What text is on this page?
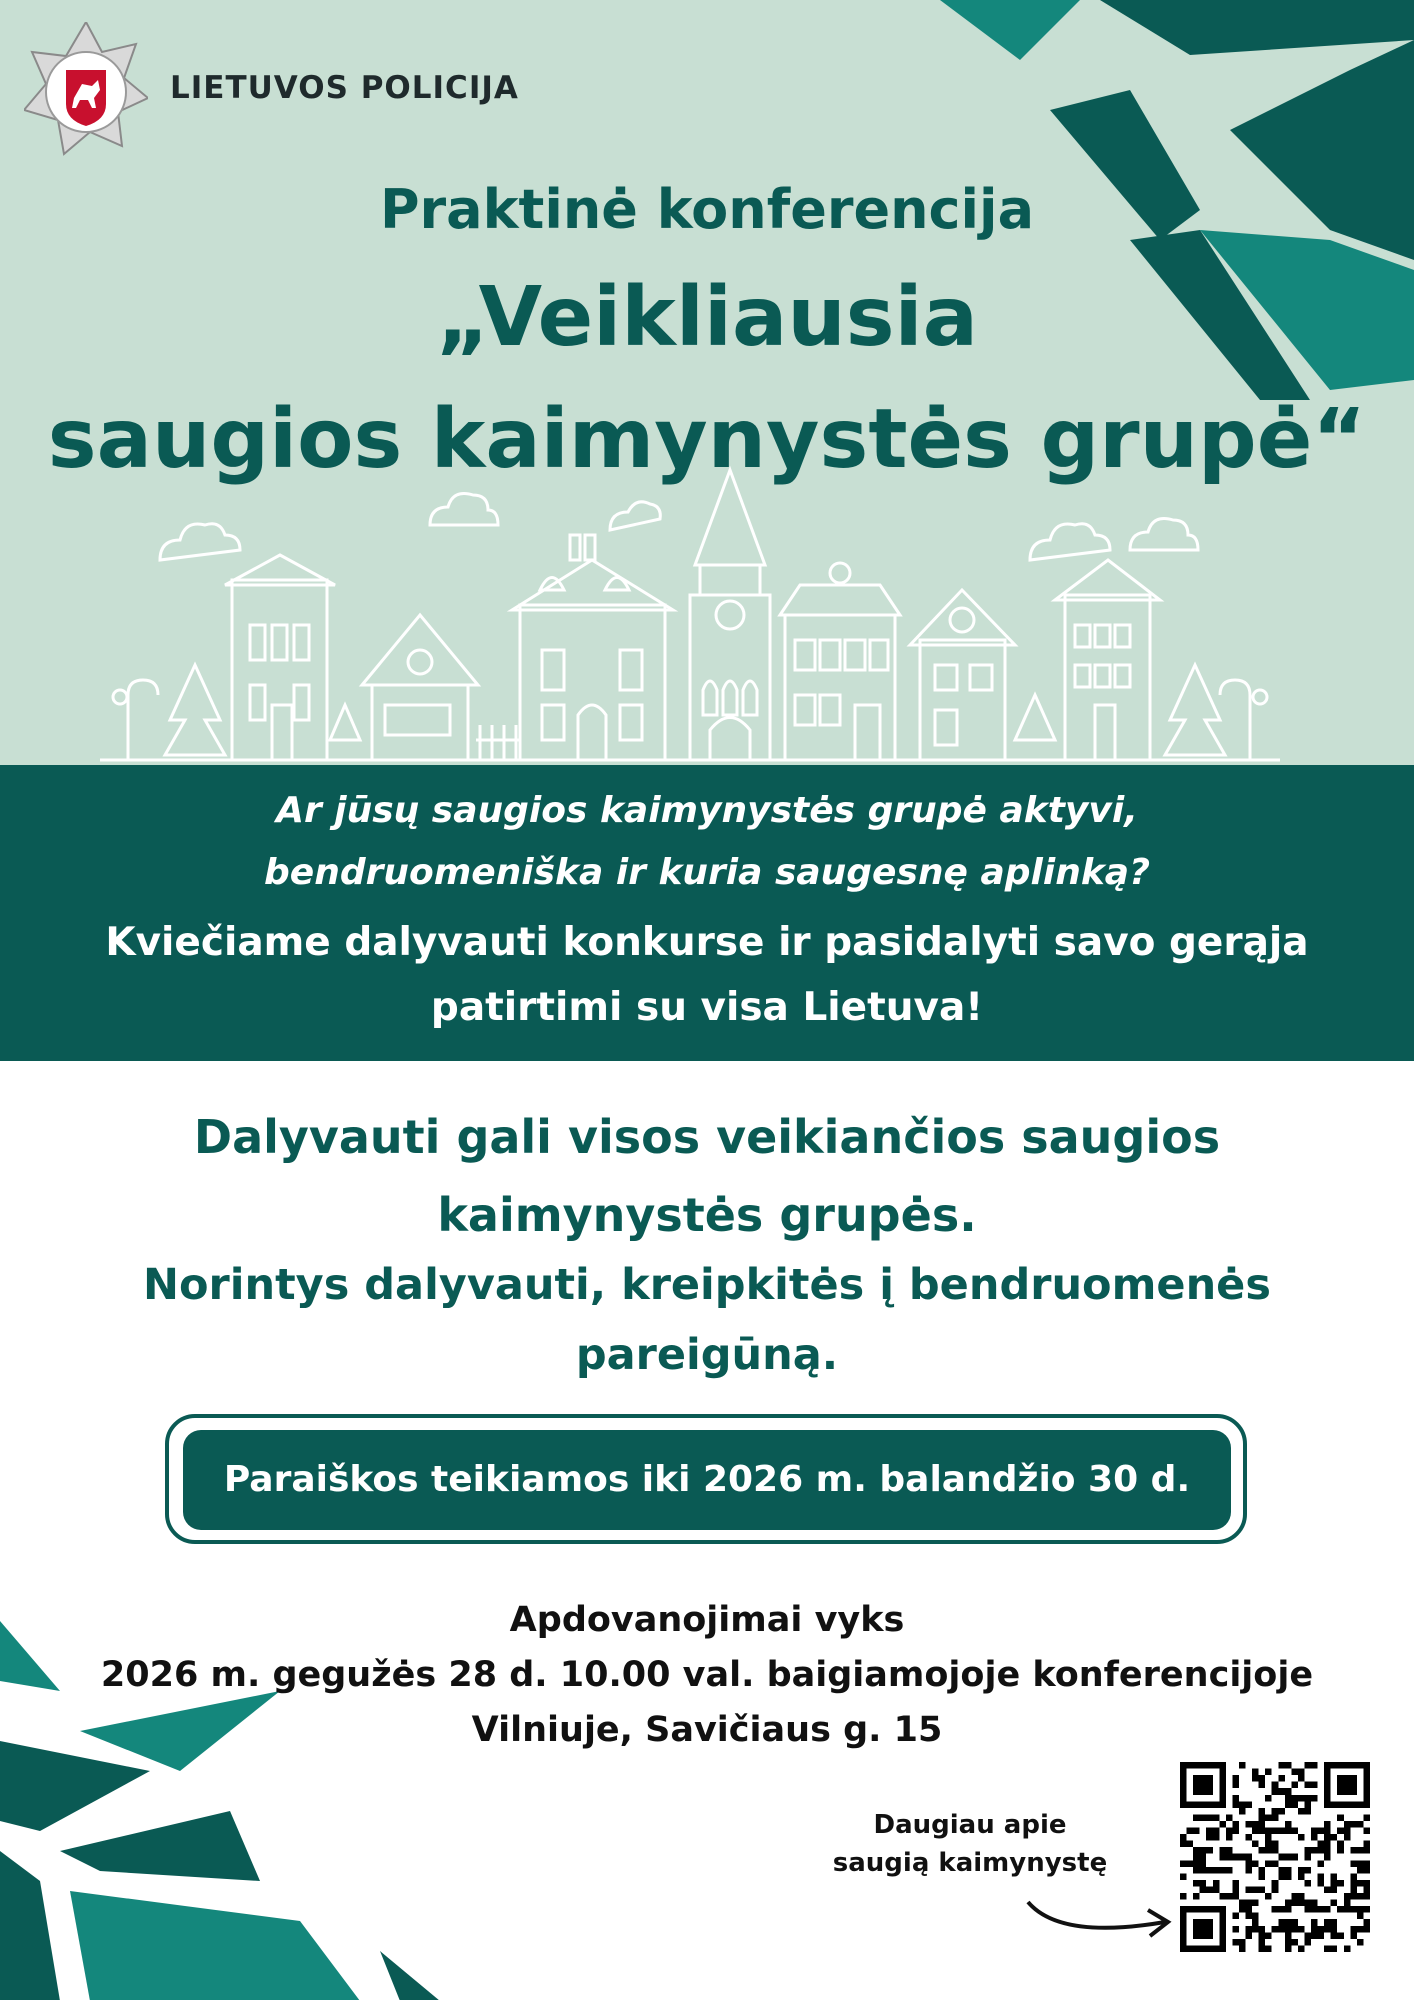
LIETUVOS POLICIJA
Praktinė konferencija
„Veikliausia
saugios kaimynystės grupė“
Ar jūsų saugios kaimynystės grupė aktyvi,
bendruomeniška ir kuria saugesnę aplinką?
Kviečiame dalyvauti konkurse ir pasidalyti savo gerąja
patirtimi su visa Lietuva!
Dalyvauti gali visos veikiančios saugios
kaimynystės grupės.
Norintys dalyvauti, kreipkitės į bendruomenės
pareigūną.
Paraiškos teikiamos iki 2026 m. balandžio 30 d.
Apdovanojimai vyks
2026 m. gegužės 28 d. 10.00 val. baigiamojoje konferencijoje
Vilniuje, Savičiaus g. 15
Daugiau apie
saugią kaimynystę
